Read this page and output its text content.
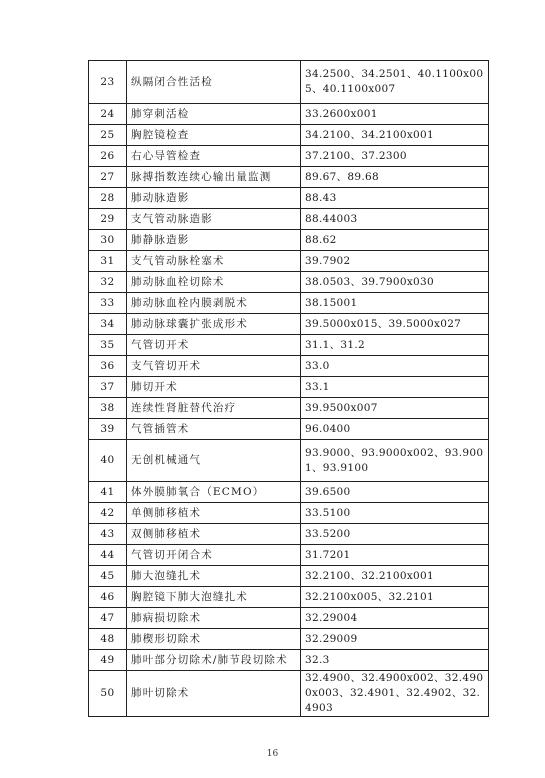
23	纵隔闭合性活检	34.2500、34.2501、40.1100x005、40.1100x007
24	肺穿刺活检	33.2600x001
25	胸腔镜检查	34.2100、34.2100x001
26	右心导管检查	37.2100、37.2300
27	脉搏指数连续心输出量监测	89.67、89.68
28	肺动脉造影	88.43
29	支气管动脉造影	88.44003
30	肺静脉造影	88.62
31	支气管动脉栓塞术	39.7902
32	肺动脉血栓切除术	38.0503、39.7900x030
33	肺动脉血栓内膜剥脱术	38.15001
34	肺动脉球囊扩张成形术	39.5000x015、39.5000x027
35	气管切开术	31.1、31.2
36	支气管切开术	33.0
37	肺切开术	33.1
38	连续性肾脏替代治疗	39.9500x007
39	气管插管术	96.0400
40	无创机械通气	93.9000、93.9000x002、93.9001、93.9100
41	体外膜肺氧合（ECMO）	39.6500
42	单侧肺移植术	33.5100
43	双侧肺移植术	33.5200
44	气管切开闭合术	31.7201
45	肺大泡缝扎术	32.2100、32.2100x001
46	胸腔镜下肺大泡缝扎术	32.2100x005、32.2101
47	肺病损切除术	32.29004
48	肺楔形切除术	32.29009
49	肺叶部分切除术/肺节段切除术	32.3
50	肺叶切除术	32.4900、32.4900x002、32.4900x003、32.4901、32.4902、32.4903
16
